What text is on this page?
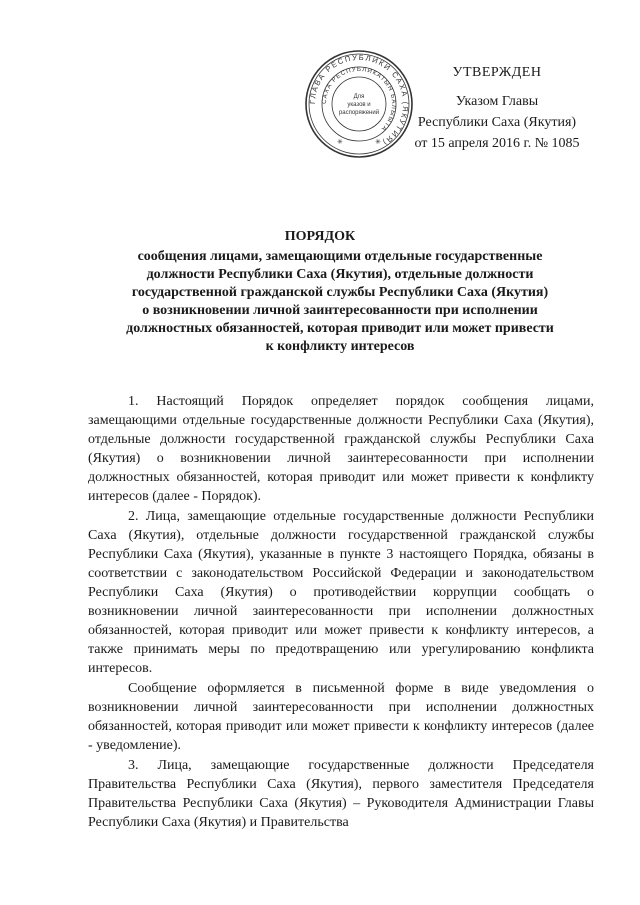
ГЛАВА РЕСПУБЛИКИ САХА (ЯКУТИЯ)
САХА РЕСПУБЛИКАТЫН БАЛЫЫТА
Для
указов и
распоряжений
✳	✳
УТВЕРЖДЕН
Указом Главы
Республики Саха (Якутия)
от 15 апреля 2016 г. № 1085
ПОРЯДОК
сообщения лицами, замещающими отдельные государственные
должности Республики Саха (Якутия), отдельные должности
государственной гражданской службы Республики Саха (Якутия)
о возникновении личной заинтересованности при исполнении
должностных обязанностей, которая приводит или может привести
к конфликту интересов

1. Настоящий Порядок определяет порядок сообщения лицами, замещающими отдельные государственные должности Республики Саха (Якутия), отдельные должности государственной гражданской службы Республики Саха (Якутия) о возникновении личной заинтересованности при исполнении должностных обязанностей, которая приводит или может привести к конфликту интересов (далее - Порядок).

2. Лица, замещающие отдельные государственные должности Республики Саха (Якутия), отдельные должности государственной гражданской службы Республики Саха (Якутия), указанные в пункте 3 настоящего Порядка, обязаны в соответствии с законодательством Российской Федерации и законодательством Республики Саха (Якутия) о противодействии коррупции сообщать о возникновении личной заинтересованности при исполнении должностных обязанностей, которая приводит или может привести к конфликту интересов, а также принимать меры по предотвращению или урегулированию конфликта интересов.

Сообщение оформляется в письменной форме в виде уведомления о возникновении личной заинтересованности при исполнении должностных обязанностей, которая приводит или может привести к конфликту интересов (далее - уведомление).

3. Лица, замещающие государственные должности Председателя Правительства Республики Саха (Якутия), первого заместителя Председателя Правительства Республики Саха (Якутия) – Руководителя Администрации Главы Республики Саха (Якутия) и Правительства
